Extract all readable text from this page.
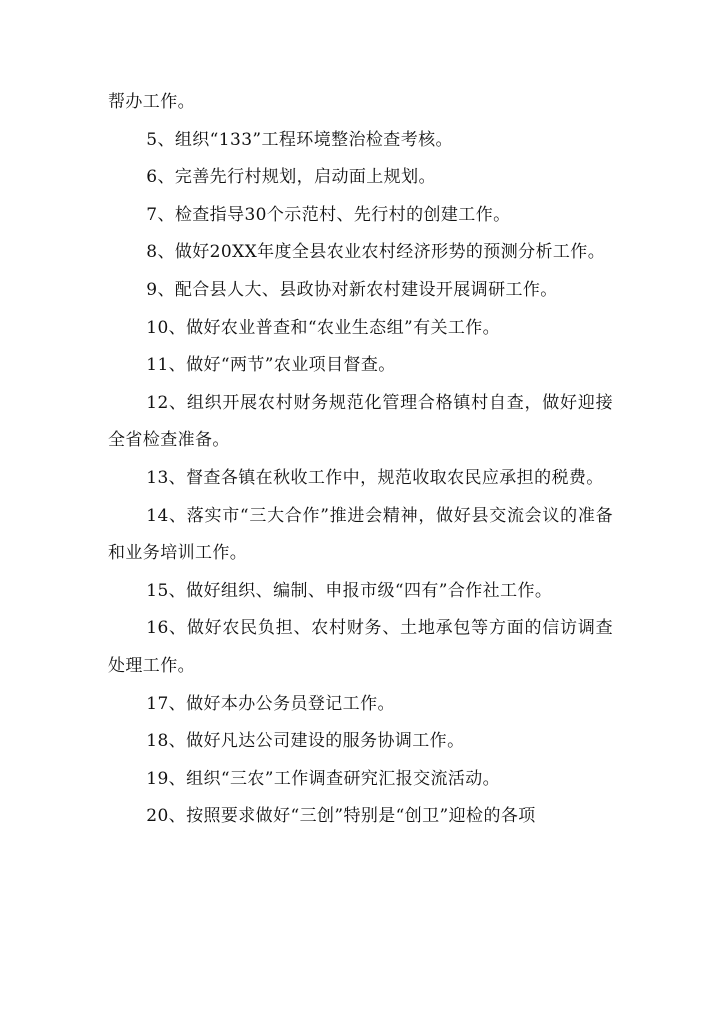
帮办工作。

5、组织“133”工程环境整治检查考核。

6、完善先行村规划，启动面上规划。

7、检查指导30个示范村、先行村的创建工作。

8、做好20XX年度全县农业农村经济形势的预测分析工作。

9、配合县人大、县政协对新农村建设开展调研工作。

10、做好农业普查和“农业生态组”有关工作。

11、做好“两节”农业项目督查。

12、组织开展农村财务规范化管理合格镇村自查，做好迎接全省检查准备。

13、督查各镇在秋收工作中，规范收取农民应承担的税费。

14、落实市“三大合作”推进会精神，做好县交流会议的准备和业务培训工作。

15、做好组织、编制、申报市级“四有”合作社工作。

16、做好农民负担、农村财务、土地承包等方面的信访调查处理工作。

17、做好本办公务员登记工作。

18、做好凡达公司建设的服务协调工作。

19、组织“三农”工作调查研究汇报交流活动。

20、按照要求做好“三创”特别是“创卫”迎检的各项
